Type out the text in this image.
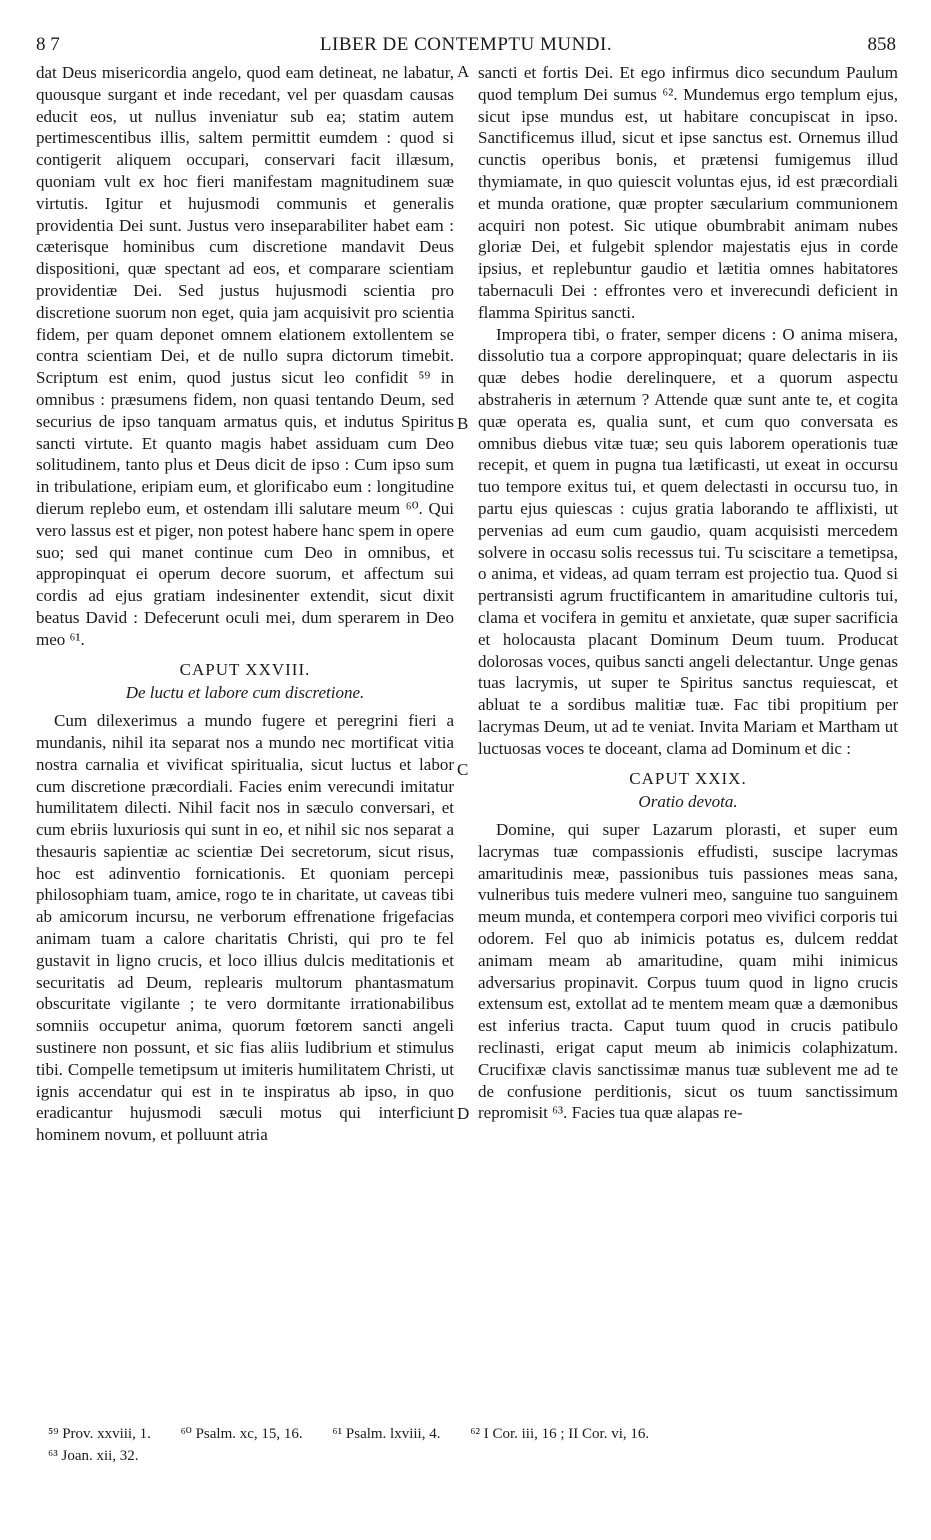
8 7	LIBER DE CONTEMPTU MUNDI.	858

dat Deus misericordia angelo, quod eam detineat, ne labatur, quousque surgant et inde recedant, vel per quasdam causas educit eos, ut nullus inveniatur sub ea; statim autem pertimescentibus illis, saltem permittit eumdem : quod si contigerit aliquem occupari, conservari facit illæsum, quoniam vult ex hoc fieri manifestam magnitudinem suæ virtutis. Igitur et hujusmodi communis et generalis providentia Dei sunt. Justus vero inseparabiliter habet eam : cæterisque hominibus cum discretione mandavit Deus dispositioni, quæ spectant ad eos, et comparare scientiam providentiæ Dei. Sed justus hujusmodi scientia pro discretione suorum non eget, quia jam acquisivit pro scientia fidem, per quam deponet omnem elationem extollentem se contra scientiam Dei, et de nullo supra dictorum timebit. Scriptum est enim, quod justus sicut leo confidit ⁵⁹ in omnibus : præsumens fidem, non quasi tentando Deum, sed securius de ipso tanquam armatus quis, et indutus Spiritus sancti virtute. Et quanto magis habet assiduam cum Deo solitudinem, tanto plus et Deus dicit de ipso : Cum ipso sum in tribulatione, eripiam eum, et glorificabo eum : longitudine dierum replebo eum, et ostendam illi salutare meum ⁶⁰. Qui vero lassus est et piger, non potest habere hanc spem in opere suo; sed qui manet continue cum Deo in omnibus, et appropinquat ei operum decore suorum, et affectum sui cordis ad ejus gratiam indesinenter extendit, sicut dixit beatus David : Defecerunt oculi mei, dum sperarem in Deo meo ⁶¹.

CAPUT XXVIII.
De luctu et labore cum discretione.

Cum dilexerimus a mundo fugere et peregrini fieri a mundanis, nihil ita separat nos a mundo nec mortificat vitia nostra carnalia et vivificat spiritualia, sicut luctus et labor cum discretione præcordiali. Facies enim verecundi imitatur humilitatem dilecti. Nihil facit nos in sæculo conversari, et cum ebriis luxuriosis qui sunt in eo, et nihil sic nos separat a thesauris sapientiæ ac scientiæ Dei secretorum, sicut risus, hoc est adinventio fornicationis. Et quoniam percepi philosophiam tuam, amice, rogo te in charitate, ut caveas tibi ab amicorum incursu, ne verborum effrenatione frigefacias animam tuam a calore charitatis Christi, qui pro te fel gustavit in ligno crucis, et loco illius dulcis meditationis et securitatis ad Deum, replearis multorum phantasmatum obscuritate vigilante ; te vero dormitante irrationabilibus somniis occupetur anima, quorum fœtorem sancti angeli sustinere non possunt, et sic fias aliis ludibrium et stimulus tibi. Compelle temetipsum ut imiteris humilitatem Christi, ut ignis accendatur qui est in te inspiratus ab ipso, in quo eradicantur hujusmodi sæculi motus qui interficiunt hominem novum, et polluunt atria

sancti et fortis Dei. Et ego infirmus dico secundum Paulum quod templum Dei sumus ⁶². Mundemus ergo templum ejus, sicut ipse mundus est, ut habitare concupiscat in ipso. Sanctificemus illud, sicut et ipse sanctus est. Ornemus illud cunctis operibus bonis, et prætensi fumigemus illud thymiamate, in quo quiescit voluntas ejus, id est præcordiali et munda oratione, quæ propter sæcularium communionem acquiri non potest. Sic utique obumbrabit animam nubes gloriæ Dei, et fulgebit splendor majestatis ejus in corde ipsius, et replebuntur gaudio et lætitia omnes habitatores tabernaculi Dei : effrontes vero et inverecundi deficient in flamma Spiritus sancti.

Impropera tibi, o frater, semper dicens : O anima misera, dissolutio tua a corpore appropinquat; quare delectaris in iis quæ debes hodie derelinquere, et a quorum aspectu abstraheris in æternum ? Attende quæ sunt ante te, et cogita quæ operata es, qualia sunt, et cum quo conversata es omnibus diebus vitæ tuæ; seu quis laborem operationis tuæ recepit, et quem in pugna tua lætificasti, ut exeat in occursu tuo tempore exitus tui, et quem delectasti in occursu tuo, in partu ejus quiescas : cujus gratia laborando te afflixisti, ut pervenias ad eum cum gaudio, quam acquisisti mercedem solvere in occasu solis recessus tui. Tu sciscitare a temetipsa, o anima, et videas, ad quam terram est projectio tua. Quod si pertransisti agrum fructificantem in amaritudine cultoris tui, clama et vocifera in gemitu et anxietate, quæ super sacrificia et holocausta placant Dominum Deum tuum. Producat dolorosas voces, quibus sancti angeli delectantur. Unge genas tuas lacrymis, ut super te Spiritus sanctus requiescat, et abluat te a sordibus malitiæ tuæ. Fac tibi propitium per lacrymas Deum, ut ad te veniat. Invita Mariam et Martham ut luctuosas voces te doceant, clama ad Dominum et dic :

CAPUT XXIX.
Oratio devota.

Domine, qui super Lazarum plorasti, et super eum lacrymas tuæ compassionis effudisti, suscipe lacrymas amaritudinis meæ, passionibus tuis passiones meas sana, vulneribus tuis medere vulneri meo, sanguine tuo sanguinem meum munda, et contempera corpori meo vivifici corporis tui odorem. Fel quo ab inimicis potatus es, dulcem reddat animam meam ab amaritudine, quam mihi inimicus adversarius propinavit. Corpus tuum quod in ligno crucis extensum est, extollat ad te mentem meam quæ a dæmonibus est inferius tracta. Caput tuum quod in crucis patibulo reclinasti, erigat caput meum ab inimicis colaphizatum. Crucifixæ clavis sanctissimæ manus tuæ sublevent me ad te de confusione perditionis, sicut os tuum sanctissimum repromisit ⁶³. Facies tua quæ alapas re-

A
B
C
D
⁵⁹ Prov. xxviii, 1. ⁶⁰ Psalm. xc, 15, 16. ⁶¹ Psalm. lxviii, 4. ⁶² I Cor. iii, 16 ; II Cor. vi, 16.
⁶³ Joan. xii, 32.
